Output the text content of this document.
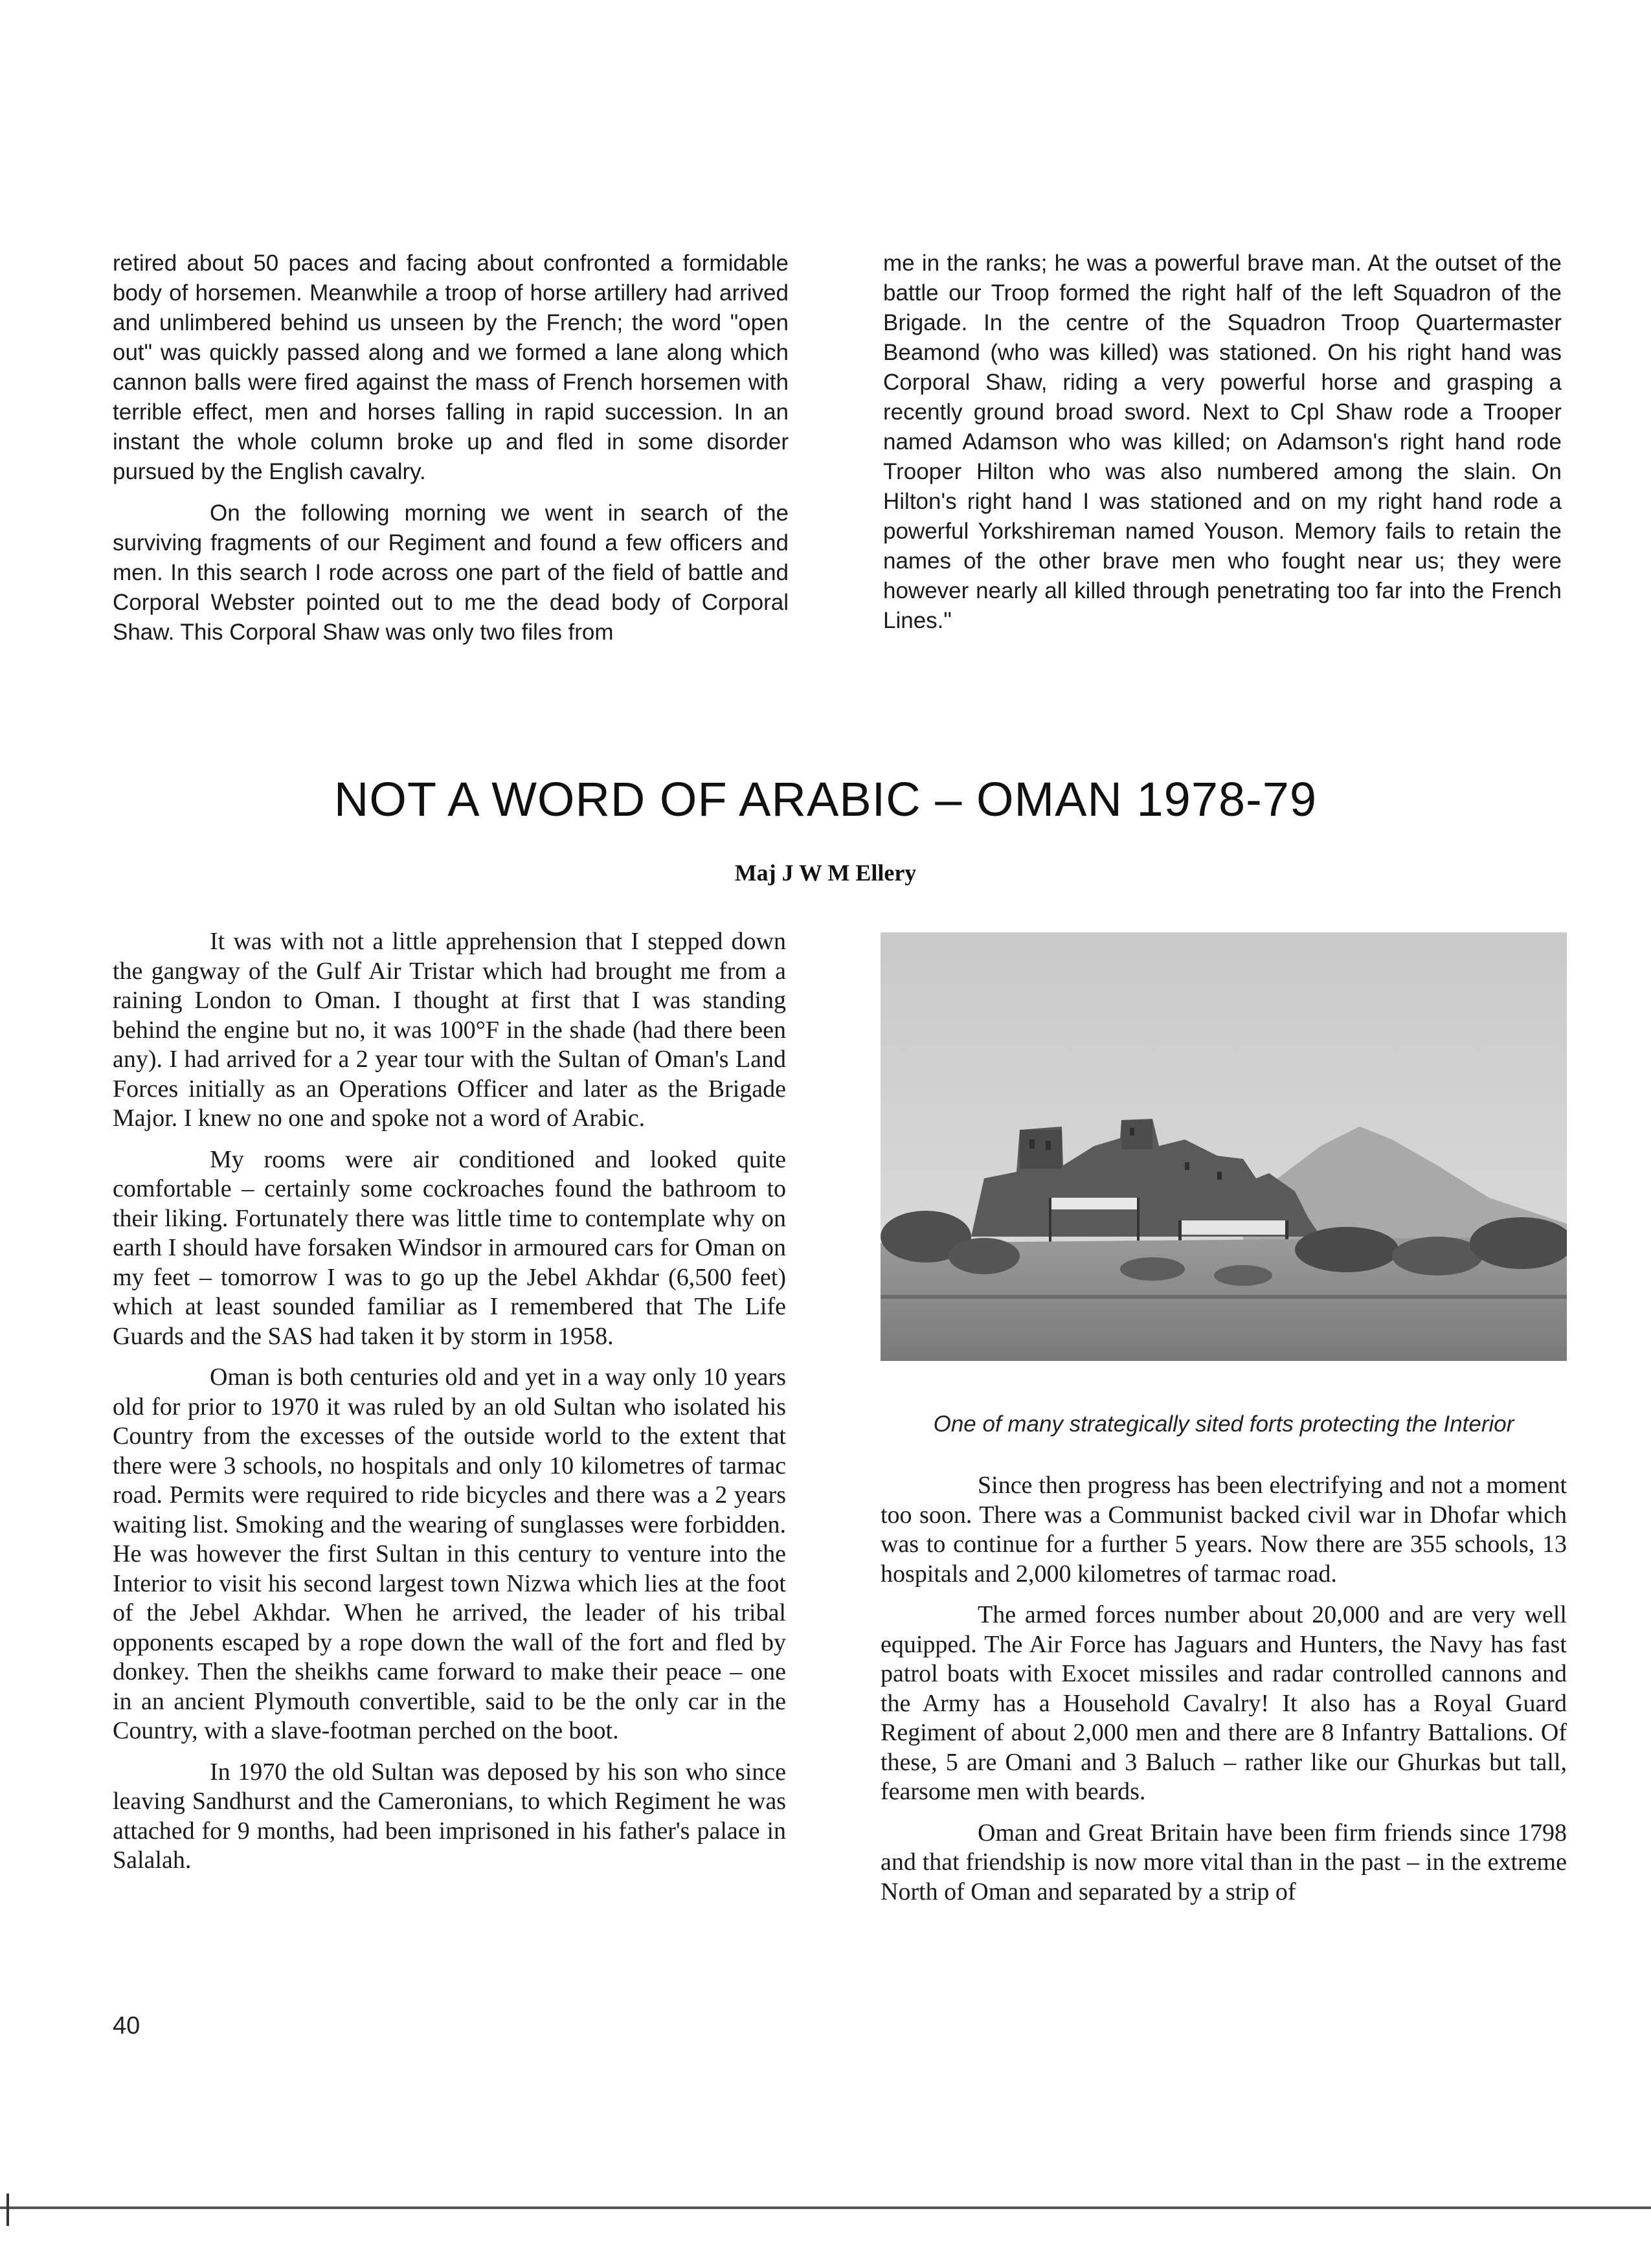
retired about 50 paces and facing about confronted a formidable body of horsemen. Meanwhile a troop of horse artillery had arrived and unlimbered behind us unseen by the French; the word "open out" was quickly passed along and we formed a lane along which cannon balls were fired against the mass of French horsemen with terrible effect, men and horses falling in rapid succession. In an instant the whole column broke up and fled in some disorder pursued by the English cavalry.

On the following morning we went in search of the surviving fragments of our Regiment and found a few officers and men. In this search I rode across one part of the field of battle and Corporal Webster pointed out to me the dead body of Corporal Shaw. This Corporal Shaw was only two files from

me in the ranks; he was a powerful brave man. At the outset of the battle our Troop formed the right half of the left Squadron of the Brigade. In the centre of the Squadron Troop Quartermaster Beamond (who was killed) was stationed. On his right hand was Corporal Shaw, riding a very powerful horse and grasping a recently ground broad sword. Next to Cpl Shaw rode a Trooper named Adamson who was killed; on Adamson's right hand rode Trooper Hilton who was also numbered among the slain. On Hilton's right hand I was stationed and on my right hand rode a powerful Yorkshireman named Youson. Memory fails to retain the names of the other brave men who fought near us; they were however nearly all killed through penetrating too far into the French Lines."

NOT A WORD OF ARABIC – OMAN 1978-79
Maj J W M Ellery

It was with not a little apprehension that I stepped down the gangway of the Gulf Air Tristar which had brought me from a raining London to Oman. I thought at first that I was standing behind the engine but no, it was 100°F in the shade (had there been any). I had arrived for a 2 year tour with the Sultan of Oman's Land Forces initially as an Operations Officer and later as the Brigade Major. I knew no one and spoke not a word of Arabic.

My rooms were air conditioned and looked quite comfortable – certainly some cockroaches found the bathroom to their liking. Fortunately there was little time to contemplate why on earth I should have forsaken Windsor in armoured cars for Oman on my feet – tomorrow I was to go up the Jebel Akhdar (6,500 feet) which at least sounded familiar as I remembered that The Life Guards and the SAS had taken it by storm in 1958.

Oman is both centuries old and yet in a way only 10 years old for prior to 1970 it was ruled by an old Sultan who isolated his Country from the excesses of the outside world to the extent that there were 3 schools, no hospitals and only 10 kilometres of tarmac road. Permits were required to ride bicycles and there was a 2 years waiting list. Smoking and the wearing of sunglasses were forbidden. He was however the first Sultan in this century to venture into the Interior to visit his second largest town Nizwa which lies at the foot of the Jebel Akhdar. When he arrived, the leader of his tribal opponents escaped by a rope down the wall of the fort and fled by donkey. Then the sheikhs came forward to make their peace – one in an ancient Plymouth convertible, said to be the only car in the Country, with a slave-footman perched on the boot.

In 1970 the old Sultan was deposed by his son who since leaving Sandhurst and the Cameronians, to which Regiment he was attached for 9 months, had been imprisoned in his father's palace in Salalah.

One of many strategically sited forts protecting the Interior

Since then progress has been electrifying and not a moment too soon. There was a Communist backed civil war in Dhofar which was to continue for a further 5 years. Now there are 355 schools, 13 hospitals and 2,000 kilometres of tarmac road.

The armed forces number about 20,000 and are very well equipped. The Air Force has Jaguars and Hunters, the Navy has fast patrol boats with Exocet missiles and radar controlled cannons and the Army has a Household Cavalry! It also has a Royal Guard Regiment of about 2,000 men and there are 8 Infantry Battalions. Of these, 5 are Omani and 3 Baluch – rather like our Ghurkas but tall, fearsome men with beards.

Oman and Great Britain have been firm friends since 1798 and that friendship is now more vital than in the past – in the extreme North of Oman and separated by a strip of

40
